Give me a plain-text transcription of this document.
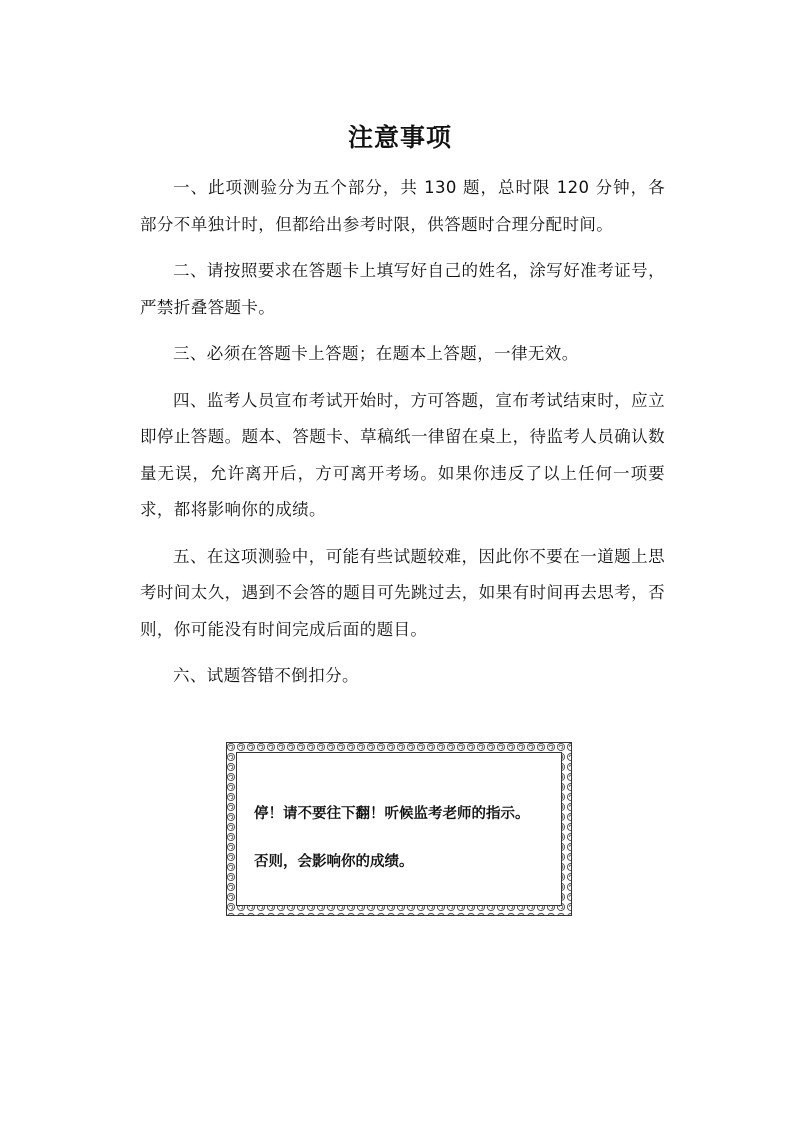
注意事项

一、此项测验分为五个部分，共 130 题，总时限 120 分钟，各部分不单独计时，但都给出参考时限，供答题时合理分配时间。

二、请按照要求在答题卡上填写好自己的姓名，涂写好准考证号，严禁折叠答题卡。

三、必须在答题卡上答题；在题本上答题，一律无效。

四、监考人员宣布考试开始时，方可答题，宣布考试结束时，应立即停止答题。题本、答题卡、草稿纸一律留在桌上，待监考人员确认数量无误，允许离开后，方可离开考场。如果你违反了以上任何一项要求，都将影响你的成绩。

五、在这项测验中，可能有些试题较难，因此你不要在一道题上思考时间太久，遇到不会答的题目可先跳过去，如果有时间再去思考，否则，你可能没有时间完成后面的题目。

六、试题答错不倒扣分。

停！请不要往下翻！听候监考老师的指示。
否则，会影响你的成绩。
